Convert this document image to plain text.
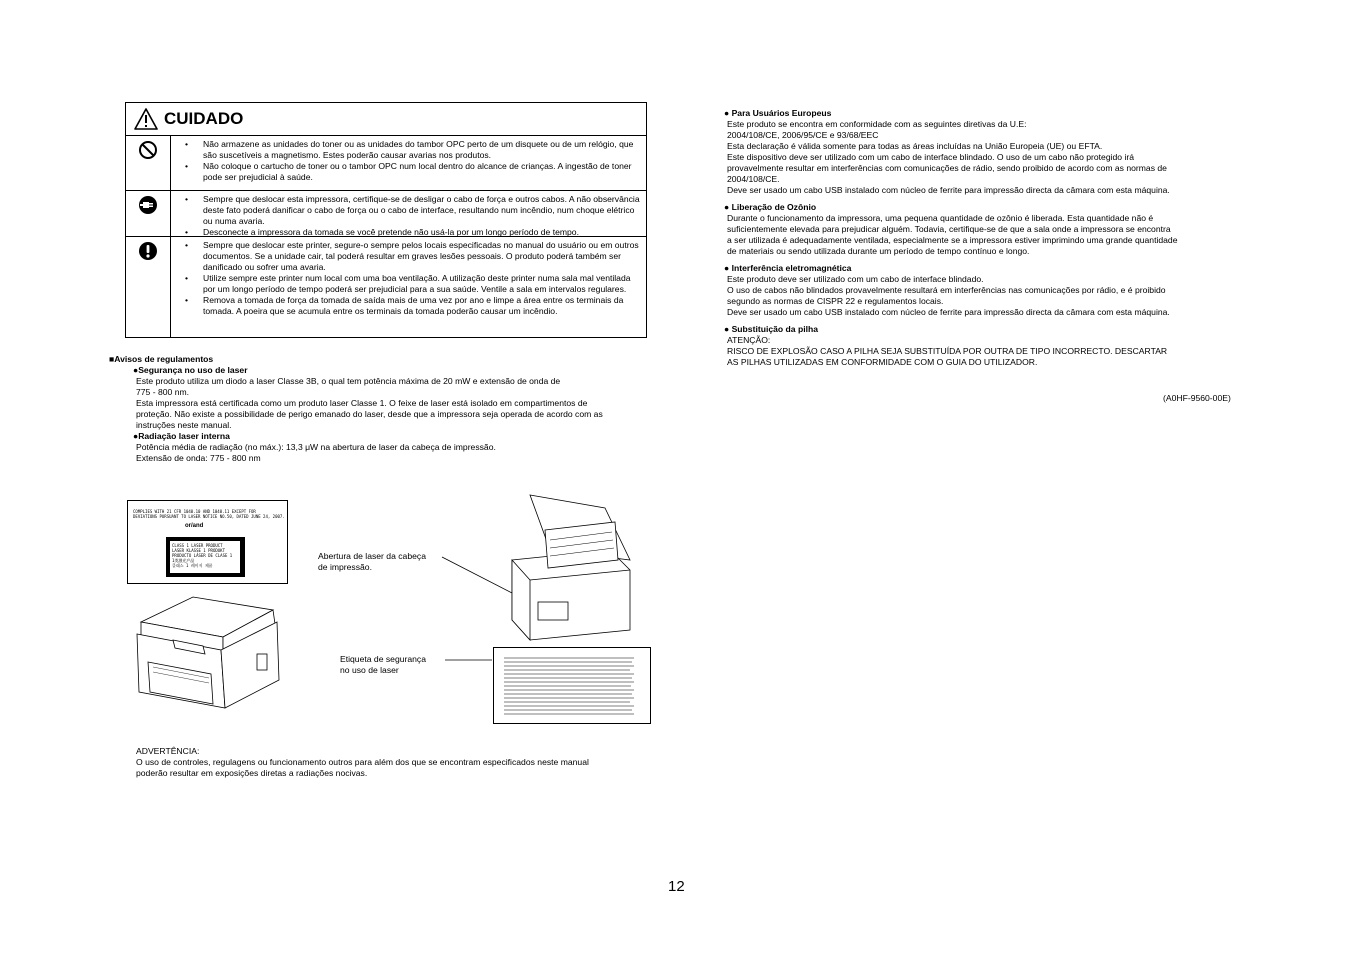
CUIDADO
• Não armazene as unidades do toner ou as unidades do tambor OPC perto de um disquete ou de um relógio, que são suscetíveis a magnetismo. Estes poderão causar avarias nos produtos.
• Não coloque o cartucho de toner ou o tambor OPC num local dentro do alcance de crianças. A ingestão de toner pode ser prejudicial à saúde.
• Sempre que deslocar esta impressora, certifique-se de desligar o cabo de força e outros cabos. A não observância deste fato poderá danificar o cabo de força ou o cabo de interface, resultando num incêndio, num choque elétrico ou numa avaria.
• Desconecte a impressora da tomada se você pretende não usá-la por um longo período de tempo.
• Sempre que deslocar este printer, segure-o sempre pelos locais especificadas no manual do usuário ou em outros documentos. Se a unidade cair, tal poderá resultar em graves lesões pessoais. O produto poderá também ser danificado ou sofrer uma avaria.
• Utilize sempre este printer num local com uma boa ventilação. A utilização deste printer numa sala mal ventilada por um longo período de tempo poderá ser prejudicial para a sua saúde. Ventile a sala em intervalos regulares.
• Remova a tomada de força da tomada de saída mais de uma vez por ano e limpe a área entre os terminais da tomada. A poeira que se acumula entre os terminais da tomada poderão causar um incêndio.
■Avisos de regulamentos
●Segurança no uso de laser
Este produto utiliza um diodo a laser Classe 3B, o qual tem potência máxima de 20 mW e extensão de onda de
775 - 800 nm.
Esta impressora está certificada como um produto laser Classe 1. O feixe de laser está isolado em compartimentos de
proteção. Não existe a possibilidade de perigo emanado do laser, desde que a impressora seja operada de acordo com as
instruções neste manual.
●Radiação laser interna
Potência média de radiação (no máx.): 13,3 μW na abertura de laser da cabeça de impressão.
Extensão de onda: 775 - 800 nm
COMPLIES WITH 21 CFR 1040.10 AND 1040.11 EXCEPT FOR
DEVIATIONS PURSUANT TO LASER NOTICE NO.50, DATED JUNE 24, 2007.
or/and
CLASS 1 LASER PRODUCT
LASER KLASSE 1 PRODUKT
PRODUCTO LÁSER DE CLASE 1
1类激光产品
클래스 1 레이저 제품
Abertura de laser da cabeça
de impressão.
Etiqueta de segurança
no uso de laser
ADVERTÊNCIA:
O uso de controles, regulagens ou funcionamento outros para além dos que se encontram especificados neste manual
poderão resultar em exposições diretas a radiações nocivas.
● Para Usuários Europeus
Este produto se encontra em conformidade com as seguintes diretivas da U.E:
2004/108/CE, 2006/95/CE e 93/68/EEC
Esta declaração é válida somente para todas as áreas incluídas na União Europeia (UE) ou EFTA.
Este dispositivo deve ser utilizado com um cabo de interface blindado. O uso de um cabo não protegido irá
provavelmente resultar em interferências com comunicações de rádio, sendo proibido de acordo com as normas de
2004/108/CE.
Deve ser usado um cabo USB instalado com núcleo de ferrite para impressão directa da câmara com esta máquina.
● Liberação de Ozônio
Durante o funcionamento da impressora, uma pequena quantidade de ozônio é liberada. Esta quantidade não é
suficientemente elevada para prejudicar alguém. Todavia, certifique-se de que a sala onde a impressora se encontra
a ser utilizada é adequadamente ventilada, especialmente se a impressora estiver imprimindo uma grande quantidade
de materiais ou sendo utilizada durante um período de tempo contínuo e longo.
● Interferência eletromagnética
Este produto deve ser utilizado com um cabo de interface blindado.
O uso de cabos não blindados provavelmente resultará em interferências nas comunicações por rádio, e é proibido
segundo as normas de CISPR 22 e regulamentos locais.
Deve ser usado um cabo USB instalado com núcleo de ferrite para impressão directa da câmara com esta máquina.
● Substituição da pilha
ATENÇÃO:
RISCO DE EXPLOSÃO CASO A PILHA SEJA SUBSTITUÍDA POR OUTRA DE TIPO INCORRECTO. DESCARTAR
AS PILHAS UTILIZADAS EM CONFORMIDADE COM O GUIA DO UTILIZADOR.
(A0HF-9560-00E)
12
